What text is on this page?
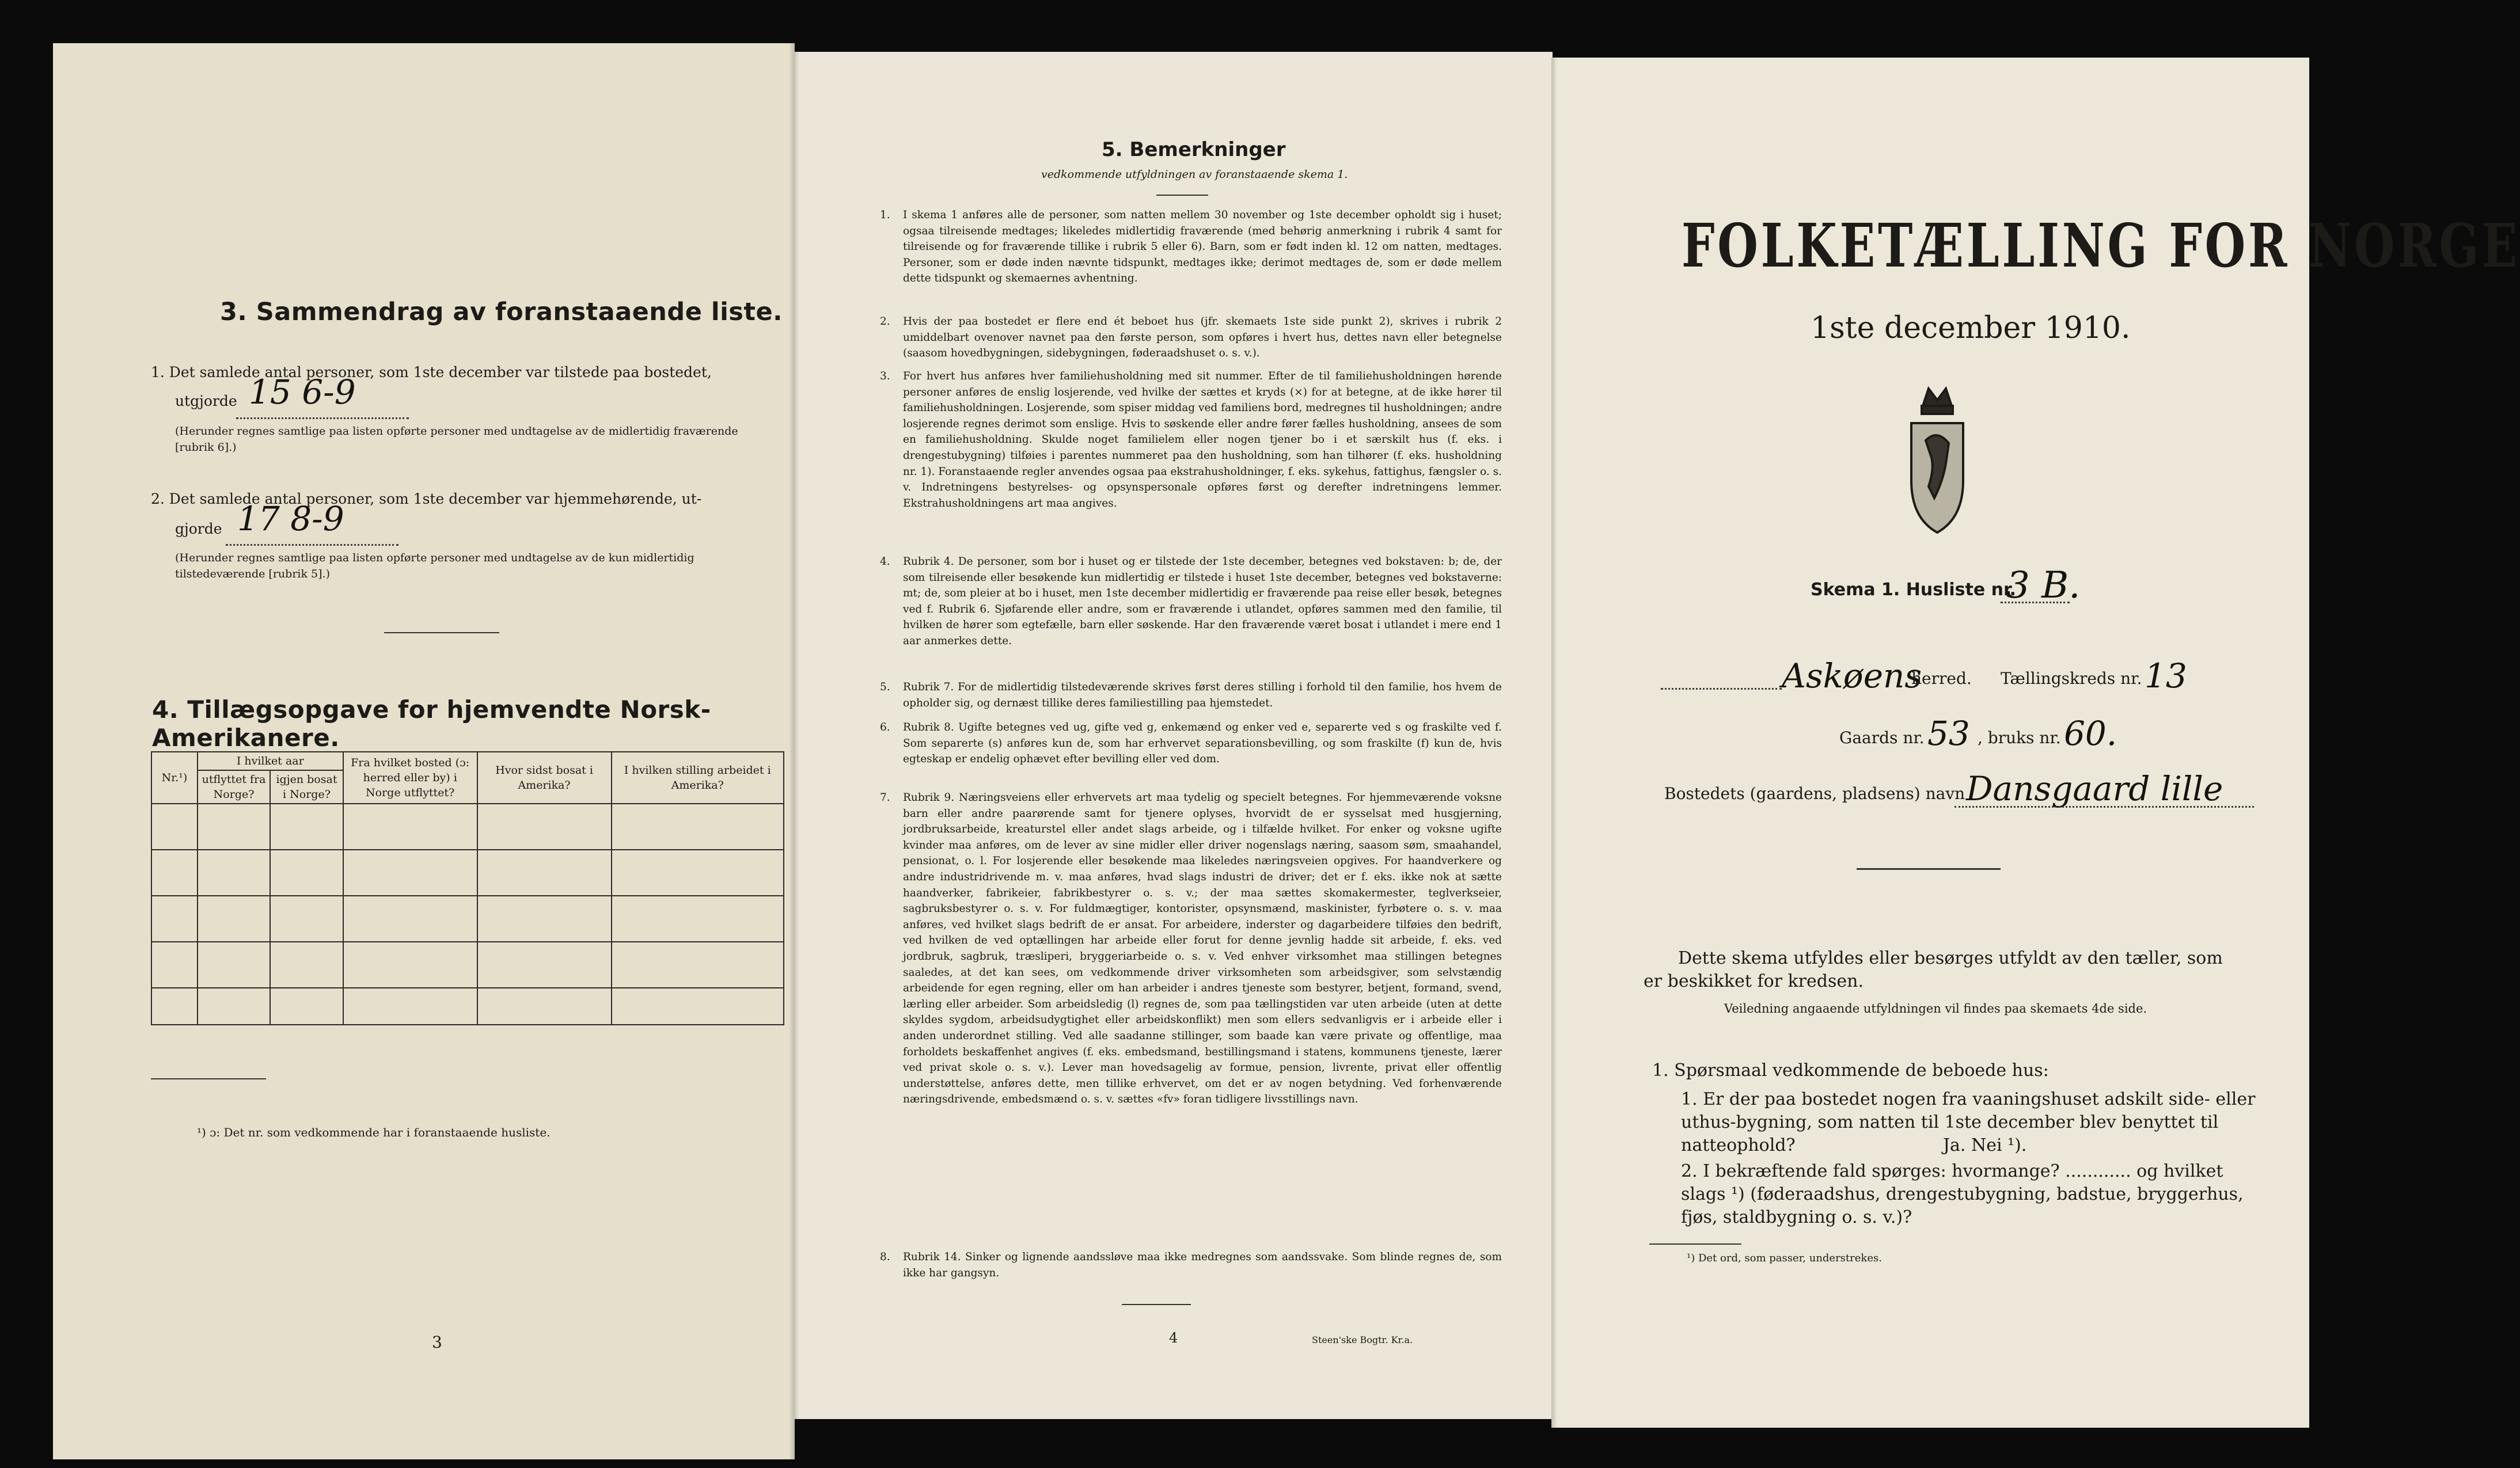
3. Sammendrag av foranstaaende liste.
1. Det samlede antal personer, som 1ste december var tilstede paa bostedet,
utgjorde 15 6-9
(Herunder regnes samtlige paa listen opførte personer med undtagelse av de midlertidig fraværende [rubrik 6].)
2. Det samlede antal personer, som 1ste december var hjemmehørende, ut-
gjorde 17 8-9
(Herunder regnes samtlige paa listen opførte personer med undtagelse av de kun midlertidig tilstedeværende [rubrik 5].)
4. Tillægsopgave for hjemvendte Norsk-Amerikanere.
Nr.¹)	I hvilket aar		Fra hvilket bosted (ɔ: herred eller by) i Norge utflyttet?	Hvor sidst bosat i Amerika?	I hvilken stilling arbeidet i Amerika?
	utflyttet fra Norge?	igjen bosat i Norge?			

¹) ɔ: Det nr. som vedkommende har i foranstaaende husliste.
3
5. Bemerkninger
vedkommende utfyldningen av foranstaaende skema 1.
1. I skema 1 anføres alle de personer, som natten mellem 30 november og 1ste december opholdt sig i huset; ogsaa tilreisende medtages; likeledes midlertidig fraværende (med behørig anmerkning i rubrik 4 samt for tilreisende og for fraværende tillike i rubrik 5 eller 6). Barn, som er født inden kl. 12 om natten, medtages. Personer, som er døde inden nævnte tidspunkt, medtages ikke; derimot medtages de, som er døde mellem dette tidspunkt og skemaernes avhentning.
2. Hvis der paa bostedet er flere end ét beboet hus (jfr. skemaets 1ste side punkt 2), skrives i rubrik 2 umiddelbart ovenover navnet paa den første person, som opføres i hvert hus, dettes navn eller betegnelse (saasom hovedbygningen, sidebygningen, føderaadshuset o. s. v.).
3. For hvert hus anføres hver familiehusholdning med sit nummer. Efter de til familiehusholdningen hørende personer anføres de enslig losjerende, ved hvilke der sættes et kryds (×) for at betegne, at de ikke hører til familiehusholdningen. Losjerende, som spiser middag ved familiens bord, medregnes til husholdningen; andre losjerende regnes derimot som enslige. Hvis to søskende eller andre fører fælles husholdning, ansees de som en familiehusholdning. Skulde noget familielem eller nogen tjener bo i et særskilt hus (f. eks. i drengestubygning) tilføies i parentes nummeret paa den husholdning, som han tilhører (f. eks. husholdning nr. 1). Foranstaaende regler anvendes ogsaa paa ekstrahusholdninger, f. eks. sykehus, fattighus, fængsler o. s. v. Indretningens bestyrelses- og opsynspersonale opføres først og derefter indretningens lemmer. Ekstrahusholdningens art maa angives.
4. Rubrik 4. De personer, som bor i huset og er tilstede der 1ste december, betegnes ved bokstaven: b; de, der som tilreisende eller besøkende kun midlertidig er tilstede i huset 1ste december, betegnes ved bokstaverne: mt; de, som pleier at bo i huset, men 1ste december midlertidig er fraværende paa reise eller besøk, betegnes ved f. Rubrik 6. Sjøfarende eller andre, som er fraværende i utlandet, opføres sammen med den familie, til hvilken de hører som egtefælle, barn eller søskende. Har den fraværende været bosat i utlandet i mere end 1 aar anmerkes dette.
5. Rubrik 7. For de midlertidig tilstedeværende skrives først deres stilling i forhold til den familie, hos hvem de opholder sig, og dernæst tillike deres familiestilling paa hjemstedet.
6. Rubrik 8. Ugifte betegnes ved ug, gifte ved g, enkemænd og enker ved e, separerte ved s og fraskilte ved f. Som separerte (s) anføres kun de, som har erhvervet separationsbevilling, og som fraskilte (f) kun de, hvis egteskap er endelig ophævet efter bevilling eller ved dom.
7. Rubrik 9. Næringsveiens eller erhvervets art maa tydelig og specielt betegnes. For hjemmeværende voksne barn eller andre paarørende samt for tjenere oplyses, hvorvidt de er sysselsat med husgjerning, jordbruksarbeide, kreaturstel eller andet slags arbeide, og i tilfælde hvilket. For enker og voksne ugifte kvinder maa anføres, om de lever av sine midler eller driver nogenslags næring, saasom søm, smaahandel, pensionat, o. l. For losjerende eller besøkende maa likeledes næringsveien opgives. For haandverkere og andre industridrivende m. v. maa anføres, hvad slags industri de driver; det er f. eks. ikke nok at sætte haandverker, fabrikeier, fabrikbestyrer o. s. v.; der maa sættes skomakermester, teglverkseier, sagbruksbestyrer o. s. v. For fuldmægtiger, kontorister, opsynsmænd, maskinister, fyrbøtere o. s. v. maa anføres, ved hvilket slags bedrift de er ansat. For arbeidere, inderster og dagarbeidere tilføies den bedrift, ved hvilken de ved optællingen har arbeide eller forut for denne jevnlig hadde sit arbeide, f. eks. ved jordbruk, sagbruk, træsliperi, bryggeriarbeide o. s. v. Ved enhver virksomhet maa stillingen betegnes saaledes, at det kan sees, om vedkommende driver virksomheten som arbeidsgiver, som selvstændig arbeidende for egen regning, eller om han arbeider i andres tjeneste som bestyrer, betjent, formand, svend, lærling eller arbeider. Som arbeidsledig (l) regnes de, som paa tællingstiden var uten arbeide (uten at dette skyldes sygdom, arbeidsudygtighet eller arbeidskonflikt) men som ellers sedvanligvis er i arbeide eller i anden underordnet stilling. Ved alle saadanne stillinger, som baade kan være private og offentlige, maa forholdets beskaffenhet angives (f. eks. embedsmand, bestillingsmand i statens, kommunens tjeneste, lærer ved privat skole o. s. v.). Lever man hovedsagelig av formue, pension, livrente, privat eller offentlig understøttelse, anføres dette, men tillike erhvervet, om det er av nogen betydning. Ved forhenværende næringsdrivende, embedsmænd o. s. v. sættes «fv» foran tidligere livsstillings navn.
8. Rubrik 14. Sinker og lignende aandssløve maa ikke medregnes som aandssvake. Som blinde regnes de, som ikke har gangsyn.
4	Steen'ske Bogtr. Kr.a.
FOLKETÆLLING FOR NORGE
1ste december 1910.
Skema 1. Husliste nr.
3 B.
Askøens
herred. Tællingskreds nr. 13
Gaards nr. 53 , bruks nr. 60.
Bostedets (gaardens, pladsens) navn Dansgaard lille
Dette skema utfyldes eller besørges utfyldt av den tæller, som er beskikket for kredsen.
Veiledning angaaende utfyldningen vil findes paa skemaets 4de side.
1. Spørsmaal vedkommende de beboede hus:
1. Er der paa bostedet nogen fra vaaningshuset adskilt side- eller uthus-bygning, som natten til 1ste december blev benyttet til natteophold?	Ja. Nei ¹).
2. I bekræftende fald spørges: hvormange? ............ og hvilket slags ¹) (føderaadshus, drengestubygning, badstue, bryggerhus, fjøs, staldbygning o. s. v.)?
¹) Det ord, som passer, understrekes.
